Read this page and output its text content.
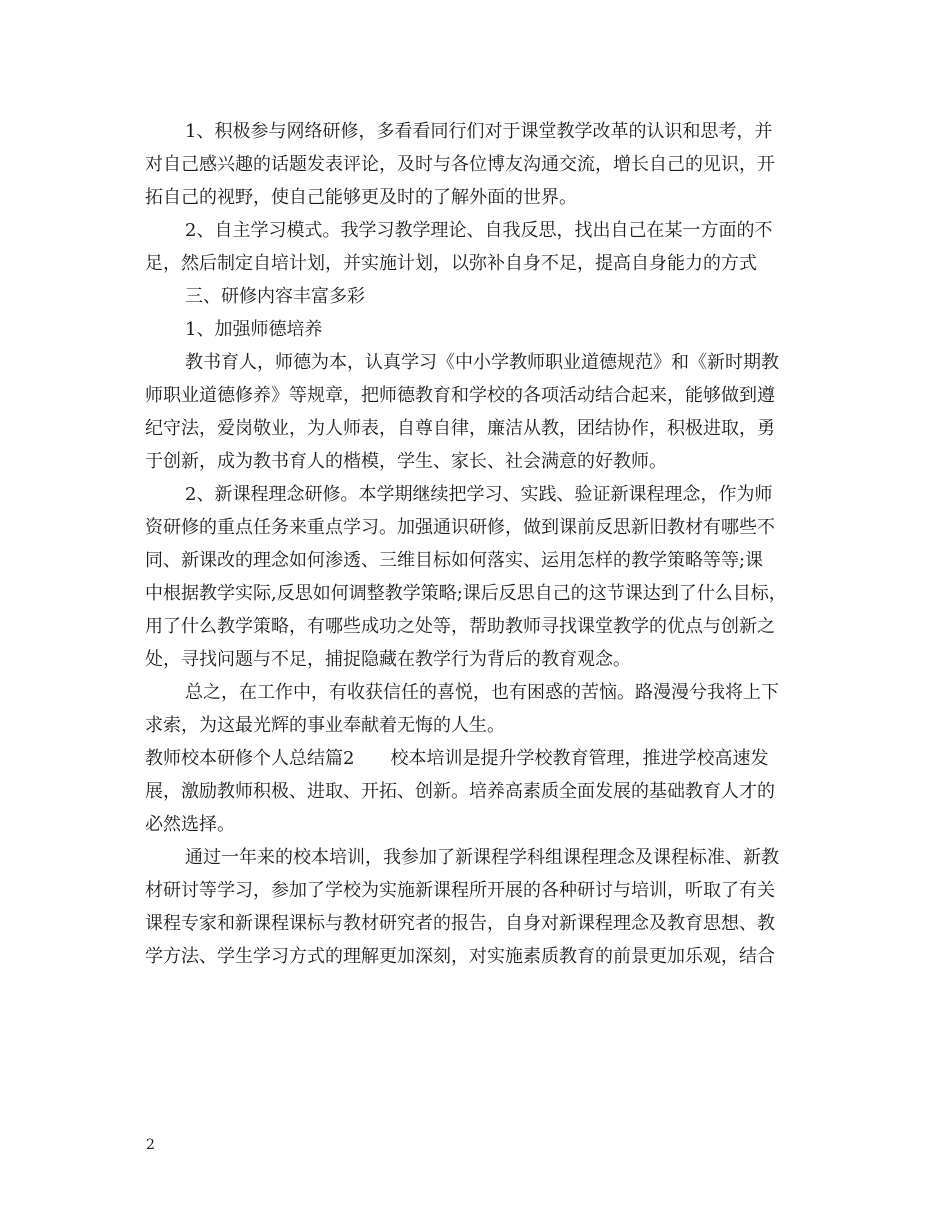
1、积极参与网络研修，多看看同行们对于课堂教学改革的认识和思考，并
对自己感兴趣的话题发表评论，及时与各位博友沟通交流，增长自己的见识，开
拓自己的视野，使自己能够更及时的了解外面的世界。
2、自主学习模式。我学习教学理论、自我反思，找出自己在某一方面的不
足，然后制定自培计划，并实施计划，以弥补自身不足，提高自身能力的方式
三、研修内容丰富多彩
1、加强师德培养
教书育人，师德为本，认真学习《中小学教师职业道德规范》和《新时期教
师职业道德修养》等规章，把师德教育和学校的各项活动结合起来，能够做到遵
纪守法，爱岗敬业，为人师表，自尊自律，廉洁从教，团结协作，积极进取，勇
于创新，成为教书育人的楷模，学生、家长、社会满意的好教师。
2、新课程理念研修。本学期继续把学习、实践、验证新课程理念，作为师
资研修的重点任务来重点学习。加强通识研修，做到课前反思新旧教材有哪些不
同、新课改的理念如何渗透、三维目标如何落实、运用怎样的教学策略等等;课
中根据教学实际,反思如何调整教学策略;课后反思自己的这节课达到了什么目标，
用了什么教学策略，有哪些成功之处等，帮助教师寻找课堂教学的优点与创新之
处，寻找问题与不足，捕捉隐藏在教学行为背后的教育观念。
总之，在工作中，有收获信任的喜悦，也有困惑的苦恼。路漫漫兮我将上下
求索，为这最光辉的事业奉献着无悔的人生。
教师校本研修个人总结篇2　　校本培训是提升学校教育管理，推进学校高速发
展，激励教师积极、进取、开拓、创新。培养高素质全面发展的基础教育人才的
必然选择。
通过一年来的校本培训，我参加了新课程学科组课程理念及课程标准、新教
材研讨等学习，参加了学校为实施新课程所开展的各种研讨与培训，听取了有关
课程专家和新课程课标与教材研究者的报告，自身对新课程理念及教育思想、教
学方法、学生学习方式的理解更加深刻，对实施素质教育的前景更加乐观，结合
2
